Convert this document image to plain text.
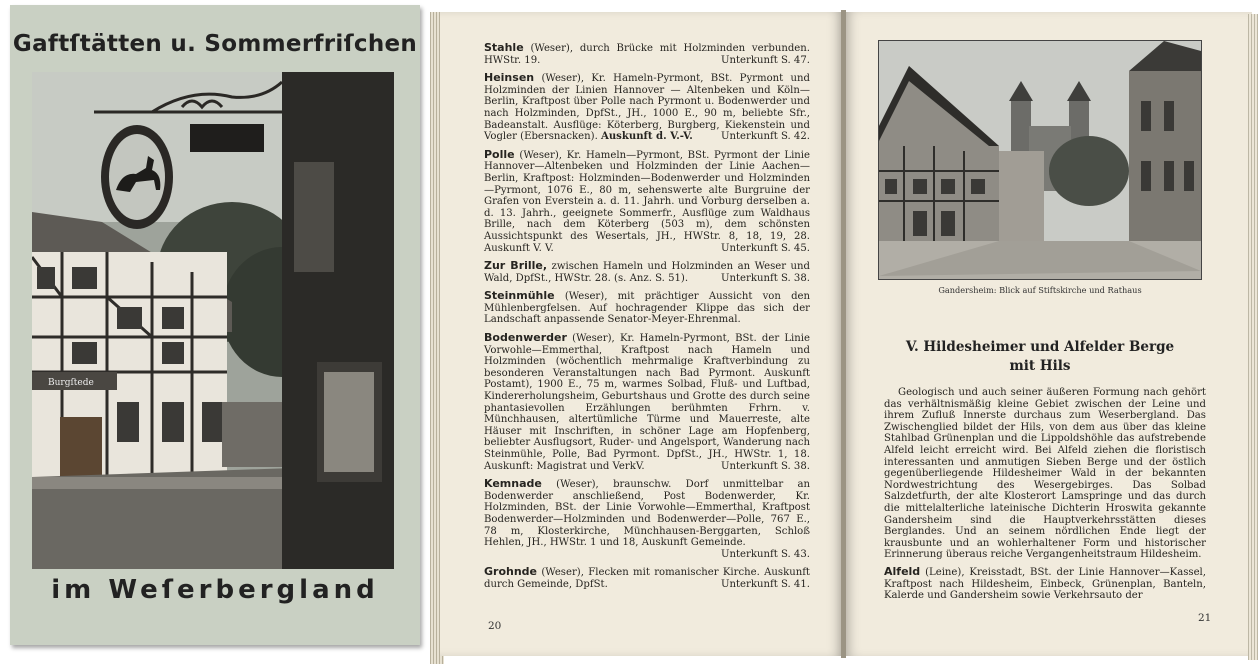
Gaftſtätten u. Sommerfriſchen
Burgſtede
im Weſerbergland
Stahle (Weser), durch Brücke mit Holzminden verbunden. HWStr. 19.	Unterkunft S. 47.
Heinsen (Weser), Kr. Hameln-Pyrmont, BSt. Pyrmont und Holzminden der Linien Hannover — Altenbeken und Köln—Berlin, Kraftpost über Polle nach Pyrmont u. Bodenwerder und nach Holzminden, DpfSt., JH., 1000 E., 90 m, beliebte Sfr., Badeanstalt. Ausflüge: Köterberg, Burgberg, Kiekenstein und Vogler (Ebersnacken). Auskunft d. V.-V.	Unterkunft S. 42.
Polle (Weser), Kr. Hameln—Pyrmont, BSt. Pyrmont der Linie Hannover—Altenbeken und Holzminden der Linie Aachen—Berlin, Kraftpost: Holzminden—Bodenwerder und Holzminden—Pyrmont, 1076 E., 80 m, sehenswerte alte Burgruine der Grafen von Everstein a. d. 11. Jahrh. und Vorburg derselben a. d. 13. Jahrh., geeignete Sommerfr., Ausflüge zum Waldhaus Brille, nach dem Köterberg (503 m), dem schönsten Aussichtspunkt des Wesertals, JH., HWStr. 8, 18, 19, 28. Auskunft V. V.	Unterkunft S. 45.
Zur Brille, zwischen Hameln und Holzminden an Weser und Wald, DpfSt., HWStr. 28. (s. Anz. S. 51).	Unterkunft S. 38.
Steinmühle (Weser), mit prächtiger Aussicht von den Mühlenbergfelsen. Auf hochragender Klippe das sich der Landschaft anpassende Senator-Meyer-Ehrenmal.
Bodenwerder (Weser), Kr. Hameln-Pyrmont, BSt. der Linie Vorwohle—Emmerthal, Kraftpost nach Hameln und Holzminden (wöchentlich mehrmalige Kraftverbindung zu besonderen Veranstaltungen nach Bad Pyrmont. Auskunft Postamt), 1900 E., 75 m, warmes Solbad, Fluß- und Luftbad, Kindererholungsheim, Geburtshaus und Grotte des durch seine phantasievollen Erzählungen berühmten Frhrn. v. Münchhausen, altertümliche Türme und Mauerreste, alte Häuser mit Inschriften, in schöner Lage am Hopfenberg, beliebter Ausflugsort, Ruder- und Angelsport, Wanderung nach Steinmühle, Polle, Bad Pyrmont. DpfSt., JH., HWStr. 1, 18. Auskunft: Magistrat und VerkV.	Unterkunft S. 38.
Kemnade (Weser), braunschw. Dorf unmittelbar an Bodenwerder anschließend, Post Bodenwerder, Kr. Holzminden, BSt. der Linie Vorwohle—Emmerthal, Kraftpost Bodenwerder—Holzminden und Bodenwerder—Polle, 767 E., 78 m, Klosterkirche, Münchhausen-Berggarten, Schloß Hehlen, JH., HWStr. 1 und 18, Auskunft Gemeinde.
Unterkunft S. 43.
Grohnde (Weser), Flecken mit romanischer Kirche. Auskunft durch Gemeinde, DpfSt.	Unterkunft S. 41.
20
Gandersheim: Blick auf Stiftskirche und Rathaus
V. Hildesheimer und Alfelder Berge
mit Hils

Geologisch und auch seiner äußeren Formung nach gehört das verhältnismäßig kleine Gebiet zwischen der Leine und ihrem Zufluß Innerste durchaus zum Weserbergland. Das Zwischenglied bildet der Hils, von dem aus über das kleine Stahlbad Grünenplan und die Lippoldshöhle das aufstrebende Alfeld leicht erreicht wird. Bei Alfeld ziehen die floristisch interessanten und anmutigen Sieben Berge und der östlich gegenüberliegende Hildesheimer Wald in der bekannten Nordwestrichtung des Wesergebirges. Das Solbad Salzdetfurth, der alte Klosterort Lamspringe und das durch die mittelalterliche lateinische Dichterin Hroswita gekannte Gandersheim sind die Hauptverkehrsstätten dieses Berglandes. Und an seinem nördlichen Ende liegt der krausbunte und an wohlerhaltener Form und historischer Erinnerung überaus reiche Vergangenheitstraum Hildesheim.

Alfeld (Leine), Kreisstadt, BSt. der Linie Hannover—Kassel, Kraftpost nach Hildesheim, Einbeck, Grünenplan, Banteln, Kalerde und Gandersheim sowie Verkehrsauto der
21
